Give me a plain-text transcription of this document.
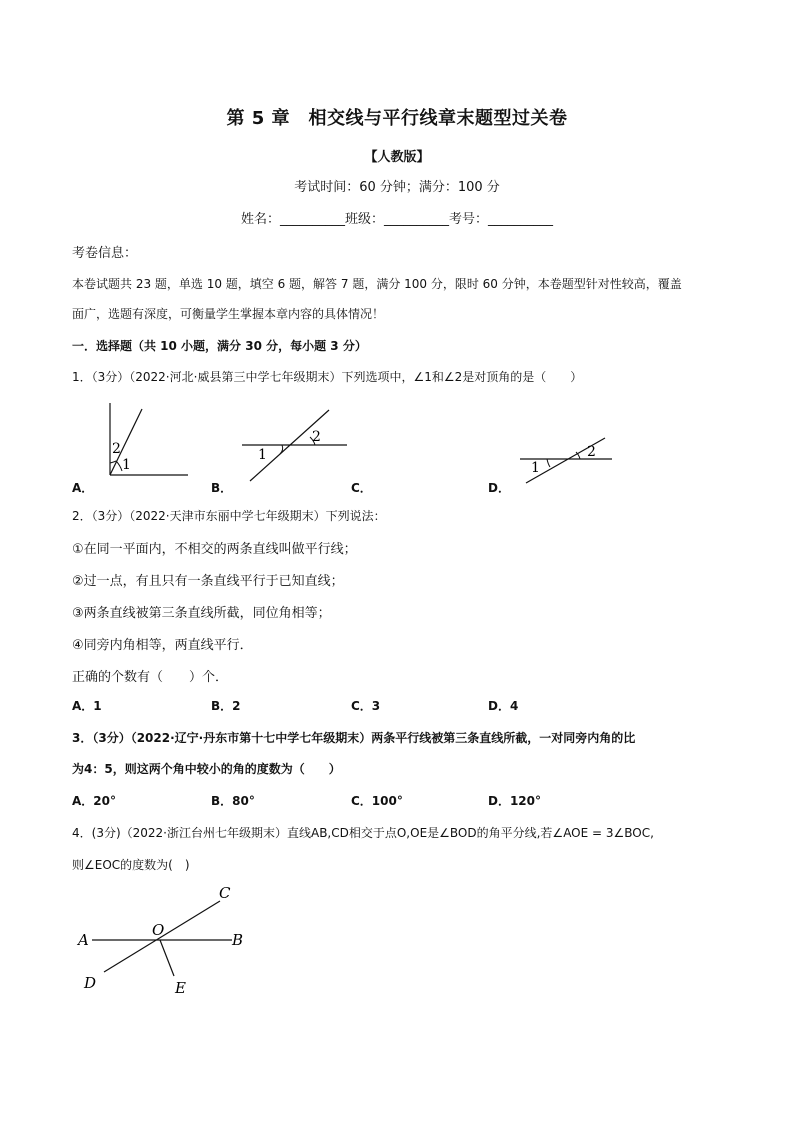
第 5 章　相交线与平行线章末题型过关卷
【人教版】
考试时间：60 分钟；满分：100 分
姓名：__________班级：__________考号：__________
考卷信息：
本卷试题共 23 题，单选 10 题，填空 6 题，解答 7 题，满分 100 分，限时 60 分钟，本卷题型针对性较高，覆盖
面广，选题有深度，可衡量学生掌握本章内容的具体情况！
一．选择题（共 10 小题，满分 30 分，每小题 3 分）
1．（3分）（2022·河北·威县第三中学七年级期末）下列选项中，∠1和∠2是对顶角的是（　　）
2
1
2
1
1
2
A．	B．	C．	D．
2．（3分）（2022·天津市东丽中学七年级期末）下列说法：
①在同一平面内，不相交的两条直线叫做平行线；
②过一点，有且只有一条直线平行于已知直线；
③两条直线被第三条直线所截，同位角相等；
④同旁内角相等，两直线平行．
正确的个数有（　　）个．
A．1	B．2	C．3	D．4
3．（3分）（2022·辽宁·丹东市第十七中学七年级期末）两条平行线被第三条直线所截，一对同旁内角的比
为4：5，则这两个角中较小的角的度数为（　　）
A．20°	B．80°	C．100°	D．120°
4．(3分)（2022·浙江台州七年级期末）直线AB,CD相交于点O,OE是∠BOD的角平分线,若∠AOE = 3∠BOC,
则∠EOC的度数为(　)
A	B
C
D	E
O
